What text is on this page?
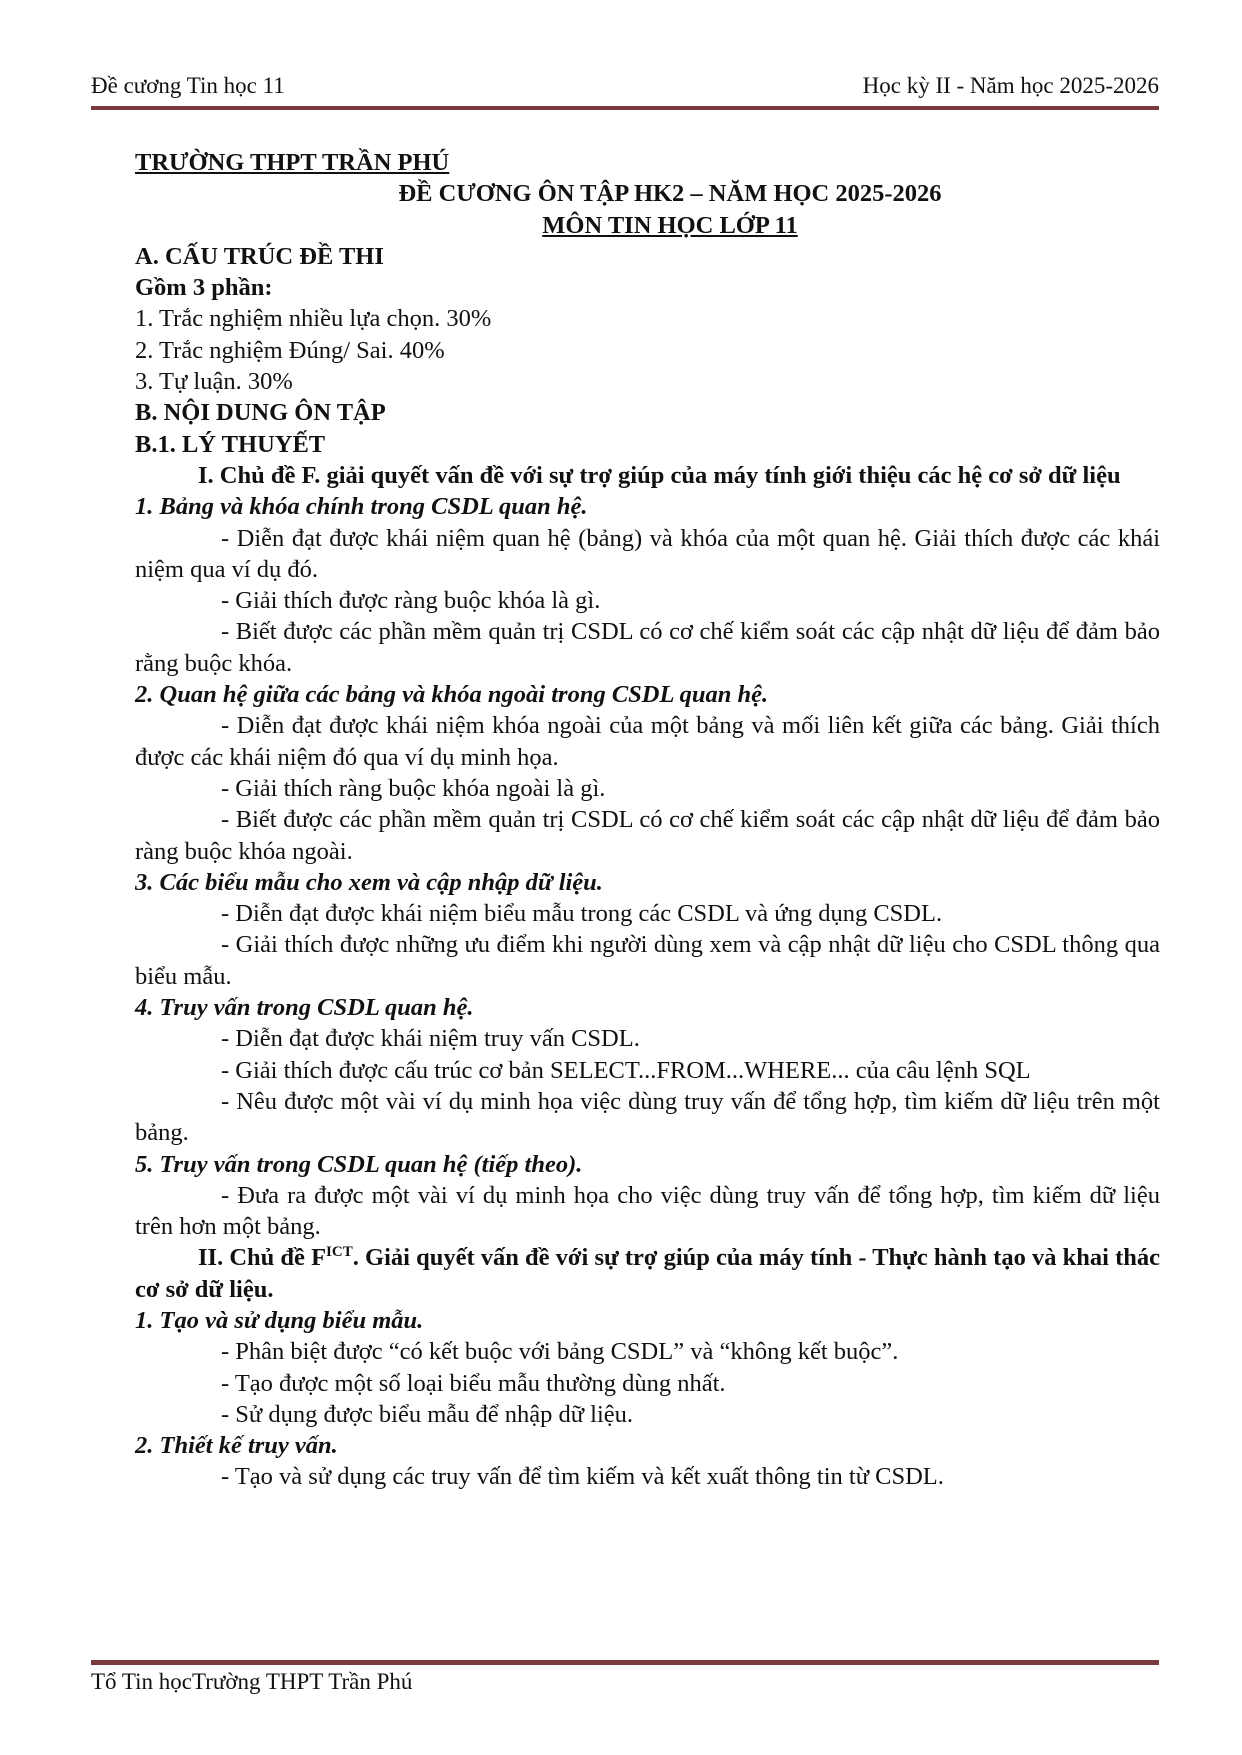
Đề cương Tin học 11	Học kỳ II - Năm học 2025-2026

TRƯỜNG THPT TRẦN PHÚ

ĐỀ CƯƠNG ÔN TẬP HK2 – NĂM HỌC 2025-2026

MÔN TIN HỌC LỚP 11

A. CẤU TRÚC ĐỀ THI

Gồm 3 phần:

1. Trắc nghiệm nhiều lựa chọn. 30%

2. Trắc nghiệm Đúng/ Sai. 40%

3. Tự luận. 30%

B. NỘI DUNG ÔN TẬP

B.1. LÝ THUYẾT

I. Chủ đề F. giải quyết vấn đề với sự trợ giúp của máy tính giới thiệu các hệ cơ sở dữ liệu

1. Bảng và khóa chính trong CSDL quan hệ.

- Diễn đạt được khái niệm quan hệ (bảng) và khóa của một quan hệ. Giải thích được các khái niệm qua ví dụ đó.

- Giải thích được ràng buộc khóa là gì.

- Biết được các phần mềm quản trị CSDL có cơ chế kiểm soát các cập nhật dữ liệu để đảm bảo rằng buộc khóa.

2. Quan hệ giữa các bảng và khóa ngoài trong CSDL quan hệ.

- Diễn đạt được khái niệm khóa ngoài của một bảng và mối liên kết giữa các bảng. Giải thích được các khái niệm đó qua ví dụ minh họa.

- Giải thích ràng buộc khóa ngoài là gì.

- Biết được các phần mềm quản trị CSDL có cơ chế kiểm soát các cập nhật dữ liệu để đảm bảo ràng buộc khóa ngoài.

3. Các biểu mẫu cho xem và cập nhập dữ liệu.

- Diễn đạt được khái niệm biểu mẫu trong các CSDL và ứng dụng CSDL.

- Giải thích được những ưu điểm khi người dùng xem và cập nhật dữ liệu cho CSDL thông qua biểu mẫu.

4. Truy vấn trong CSDL quan hệ.

- Diễn đạt được khái niệm truy vấn CSDL.

- Giải thích được cấu trúc cơ bản SELECT...FROM...WHERE... của câu lệnh SQL

- Nêu được một vài ví dụ minh họa việc dùng truy vấn để tổng hợp, tìm kiếm dữ liệu trên một bảng.

5. Truy vấn trong CSDL quan hệ (tiếp theo).

- Đưa ra được một vài ví dụ minh họa cho việc dùng truy vấn để tổng hợp, tìm kiếm dữ liệu trên hơn một bảng.

II. Chủ đề $F^{ICT}$. Giải quyết vấn đề với sự trợ giúp của máy tính - Thực hành tạo và khai thác cơ sở dữ liệu.

1. Tạo và sử dụng biểu mẫu.

- Phân biệt được “có kết buộc với bảng CSDL” và “không kết buộc”.

- Tạo được một số loại biểu mẫu thường dùng nhất.

- Sử dụng được biểu mẫu để nhập dữ liệu.

2. Thiết kế truy vấn.

- Tạo và sử dụng các truy vấn để tìm kiếm và kết xuất thông tin từ CSDL.

Tổ Tin họcTrường THPT Trần Phú
